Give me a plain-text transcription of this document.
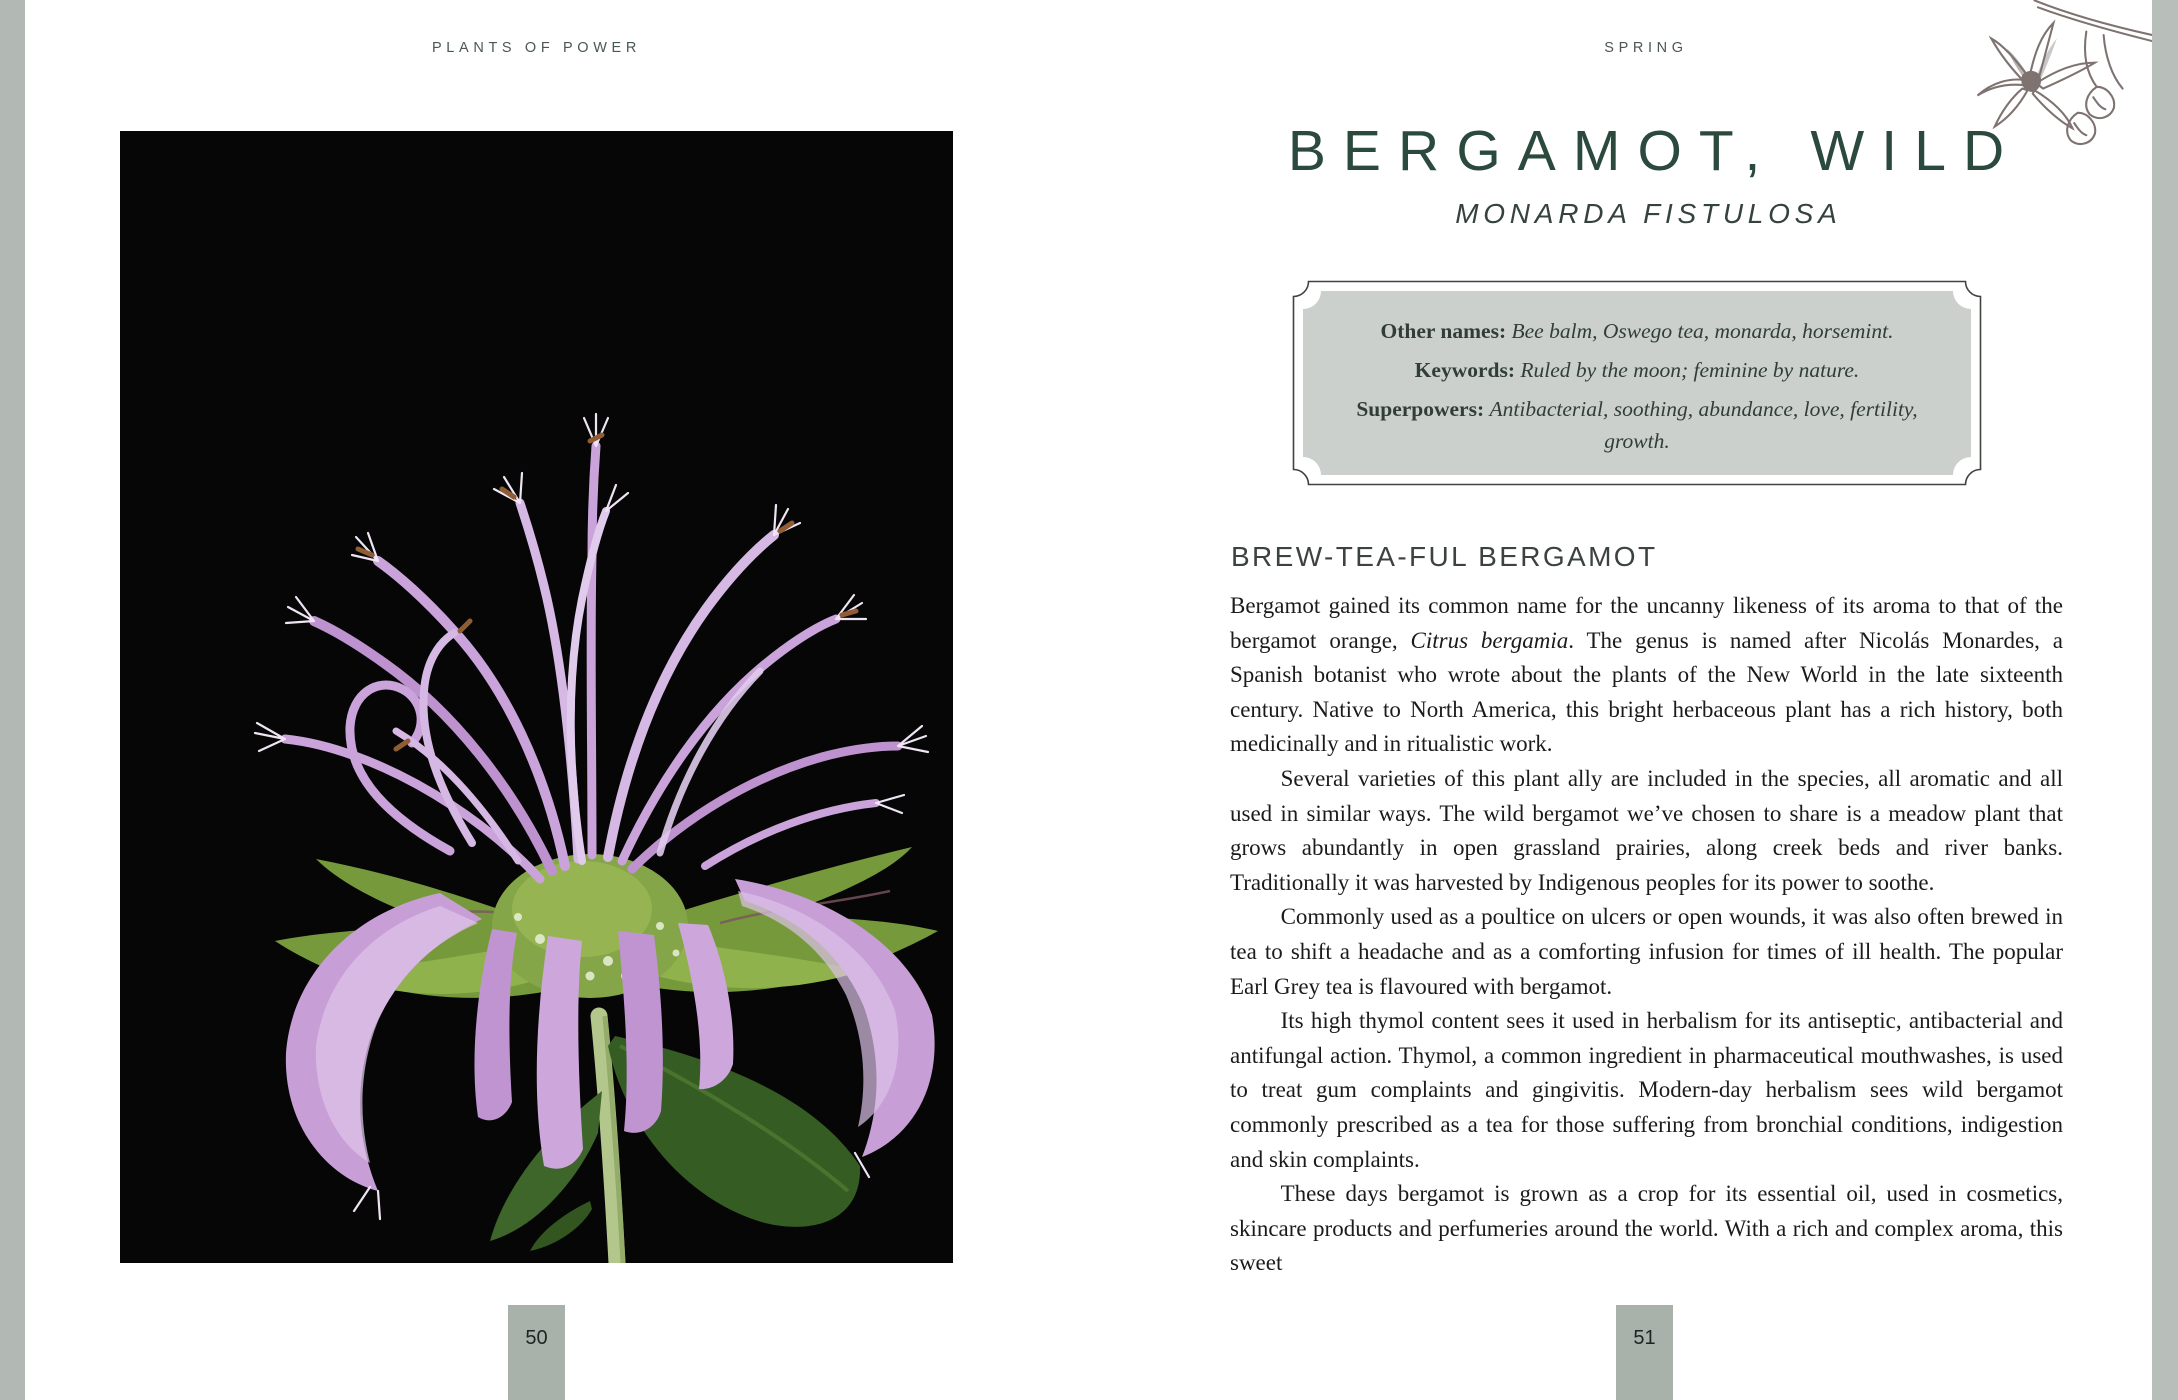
PLANTS OF POWER	SPRING
50	51
BERGAMOT, WILD
MONARDA FISTULOSA

Other names: Bee balm, Oswego tea, monarda, horsemint.

Keywords: Ruled by the moon; feminine by nature.

Superpowers: Antibacterial, soothing, abundance, love, fertility, growth.

BREW-TEA-FUL BERGAMOT

Bergamot gained its common name for the uncanny likeness of its aroma to that of the bergamot orange, Citrus bergamia. The genus is named after Nicolás Monardes, a Spanish botanist who wrote about the plants of the New World in the late sixteenth century. Native to North America, this bright herbaceous plant has a rich history, both medicinally and in ritualistic work.

Several varieties of this plant ally are included in the species, all aromatic and all used in similar ways. The wild bergamot we’ve chosen to share is a meadow plant that grows abundantly in open grassland prairies, along creek beds and river banks. Traditionally it was harvested by Indigenous peoples for its power to soothe.

Commonly used as a poultice on ulcers or open wounds, it was also often brewed in tea to shift a headache and as a comforting infusion for times of ill health. The popular Earl Grey tea is flavoured with bergamot.

Its high thymol content sees it used in herbalism for its antiseptic, antibacterial and antifungal action. Thymol, a common ingredient in pharmaceutical mouthwashes, is used to treat gum complaints and gingivitis. Modern-day herbalism sees wild bergamot commonly prescribed as a tea for those suffering from bronchial conditions, indigestion and skin complaints.

These days bergamot is grown as a crop for its essential oil, used in cosmetics, skincare products and perfumeries around the world. With a rich and complex aroma, this sweet
